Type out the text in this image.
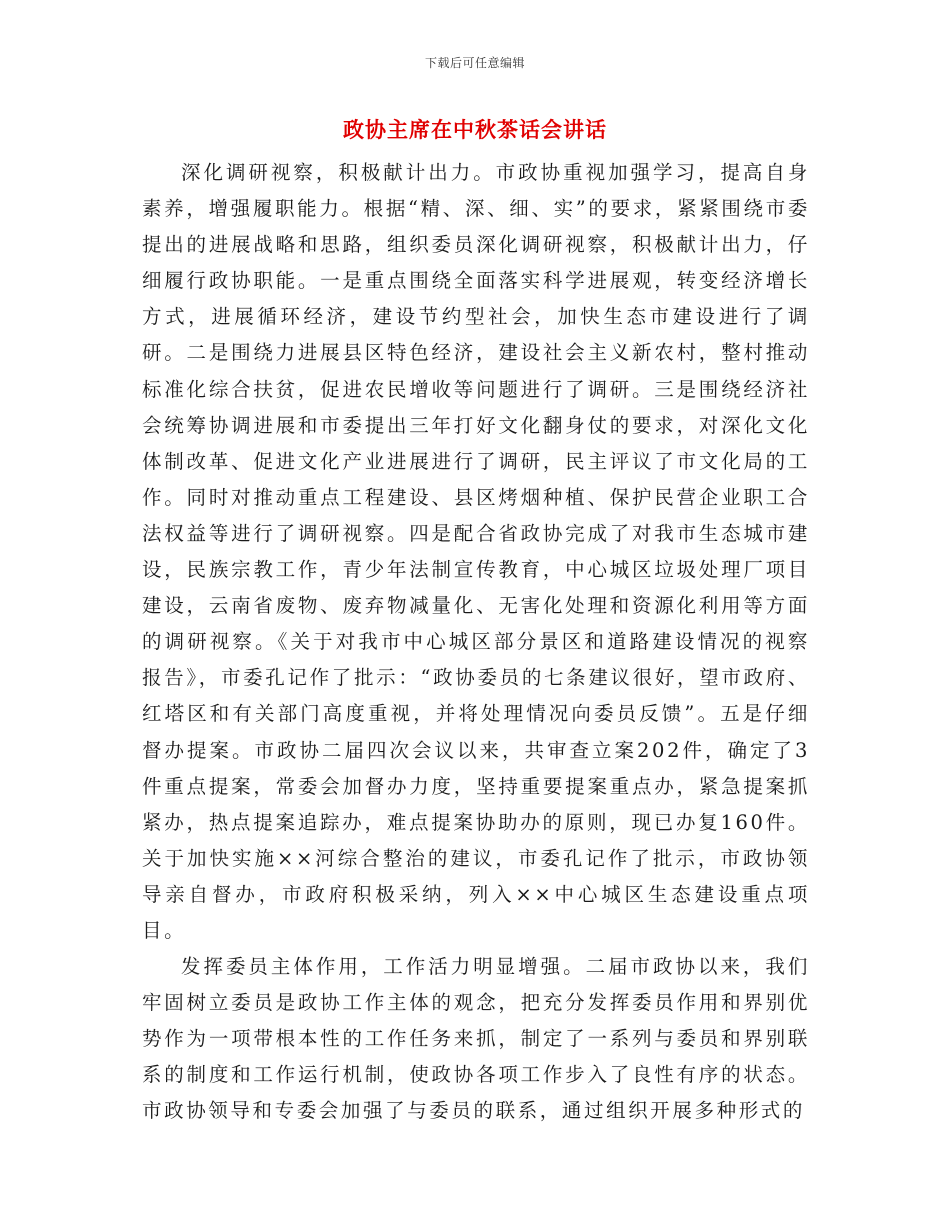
下载后可任意编辑
政协主席在中秋茶话会讲话

深化调研视察，积极献计出力。市政协重视加强学习，提高自身素养，增强履职能力。根据“精、深、细、实”的要求，紧紧围绕市委提出的进展战略和思路，组织委员深化调研视察，积极献计出力，仔细履行政协职能。一是重点围绕全面落实科学进展观，转变经济增长方式，进展循环经济，建设节约型社会，加快生态市建设进行了调研。二是围绕力进展县区特色经济，建设社会主义新农村，整村推动标准化综合扶贫，促进农民增收等问题进行了调研。三是围绕经济社会统筹协调进展和市委提出三年打好文化翻身仗的要求，对深化文化体制改革、促进文化产业进展进行了调研，民主评议了市文化局的工作。同时对推动重点工程建设、县区烤烟种植、保护民营企业职工合法权益等进行了调研视察。四是配合省政协完成了对我市生态城市建设，民族宗教工作，青少年法制宣传教育，中心城区垃圾处理厂项目建设，云南省废物、废弃物减量化、无害化处理和资源化利用等方面的调研视察。《关于对我市中心城区部分景区和道路建设情况的视察报告》，市委孔记作了批示：“政协委员的七条建议很好，望市政府、红塔区和有关部门高度重视，并将处理情况向委员反馈”。五是仔细督办提案。市政协二届四次会议以来，共审查立案202件，确定了3件重点提案，常委会加督办力度，坚持重要提案重点办，紧急提案抓紧办，热点提案追踪办，难点提案协助办的原则，现已办复160件。关于加快实施××河综合整治的建议，市委孔记作了批示，市政协领导亲自督办，市政府积极采纳，列入××中心城区生态建设重点项目。

发挥委员主体作用，工作活力明显增强。二届市政协以来，我们牢固树立委员是政协工作主体的观念，把充分发挥委员作用和界别优势作为一项带根本性的工作任务来抓，制定了一系列与委员和界别联系的制度和工作运行机制，使政协各项工作步入了良性有序的状态。市政协领导和专委会加强了与委员的联系，通过组织开展多种形式的
